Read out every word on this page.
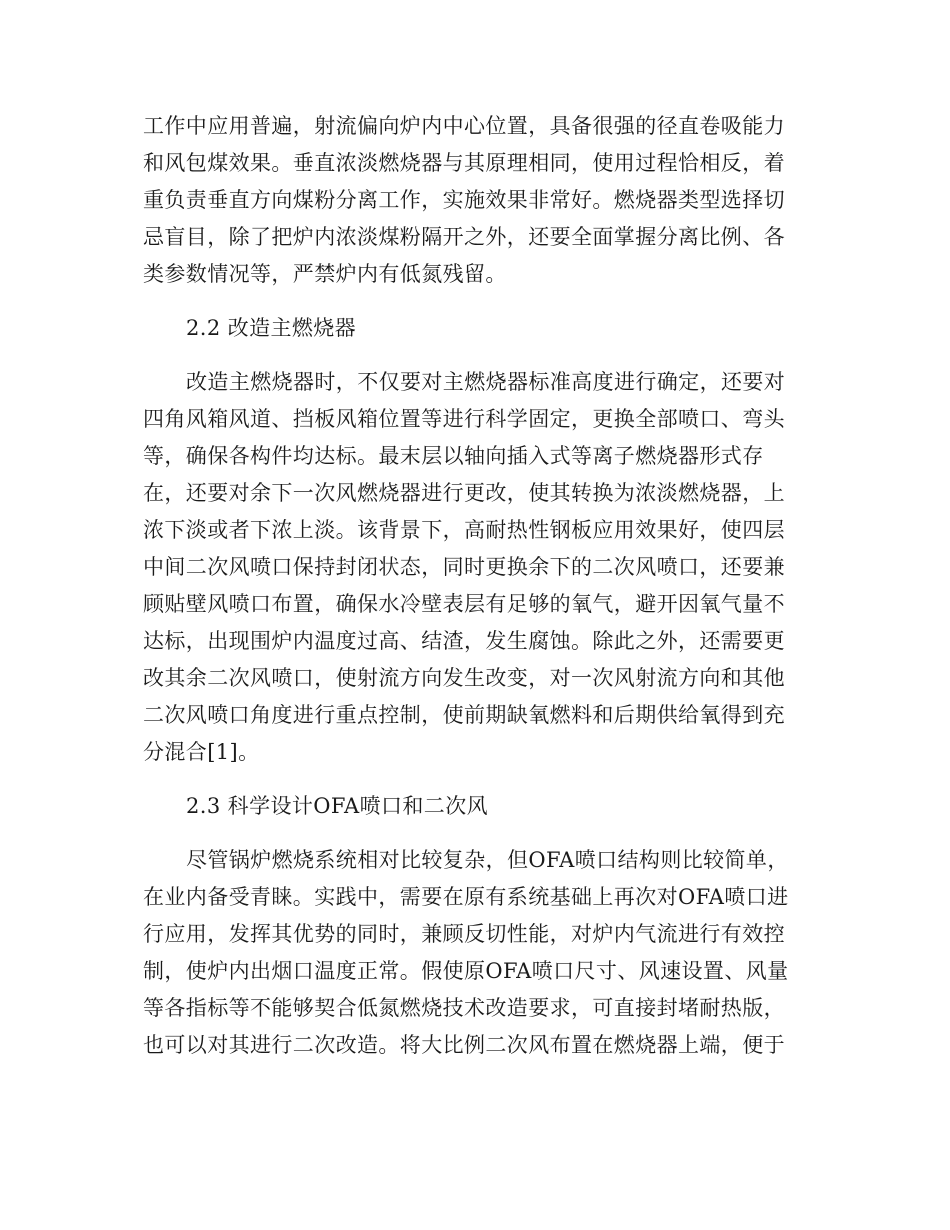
工作中应用普遍，射流偏向炉内中心位置，具备很强的径直卷吸能力
和风包煤效果。垂直浓淡燃烧器与其原理相同，使用过程恰相反，着
重负责垂直方向煤粉分离工作，实施效果非常好。燃烧器类型选择切
忌盲目，除了把炉内浓淡煤粉隔开之外，还要全面掌握分离比例、各
类参数情况等，严禁炉内有低氮残留。
2.2 改造主燃烧器
改造主燃烧器时，不仅要对主燃烧器标准高度进行确定，还要对
四角风箱风道、挡板风箱位置等进行科学固定，更换全部喷口、弯头
等，确保各构件均达标。最末层以轴向插入式等离子燃烧器形式存
在，还要对余下一次风燃烧器进行更改，使其转换为浓淡燃烧器，上
浓下淡或者下浓上淡。该背景下，高耐热性钢板应用效果好，使四层
中间二次风喷口保持封闭状态，同时更换余下的二次风喷口，还要兼
顾贴壁风喷口布置，确保水冷壁表层有足够的氧气，避开因氧气量不
达标，出现围炉内温度过高、结渣，发生腐蚀。除此之外，还需要更
改其余二次风喷口，使射流方向发生改变，对一次风射流方向和其他
二次风喷口角度进行重点控制，使前期缺氧燃料和后期供给氧得到充
分混合[1]。
2.3 科学设计OFA喷口和二次风
尽管锅炉燃烧系统相对比较复杂，但OFA喷口结构则比较简单，
在业内备受青睐。实践中，需要在原有系统基础上再次对OFA喷口进
行应用，发挥其优势的同时，兼顾反切性能，对炉内气流进行有效控
制，使炉内出烟口温度正常。假使原OFA喷口尺寸、风速设置、风量
等各指标等不能够契合低氮燃烧技术改造要求，可直接封堵耐热版，
也可以对其进行二次改造。将大比例二次风布置在燃烧器上端，便于
